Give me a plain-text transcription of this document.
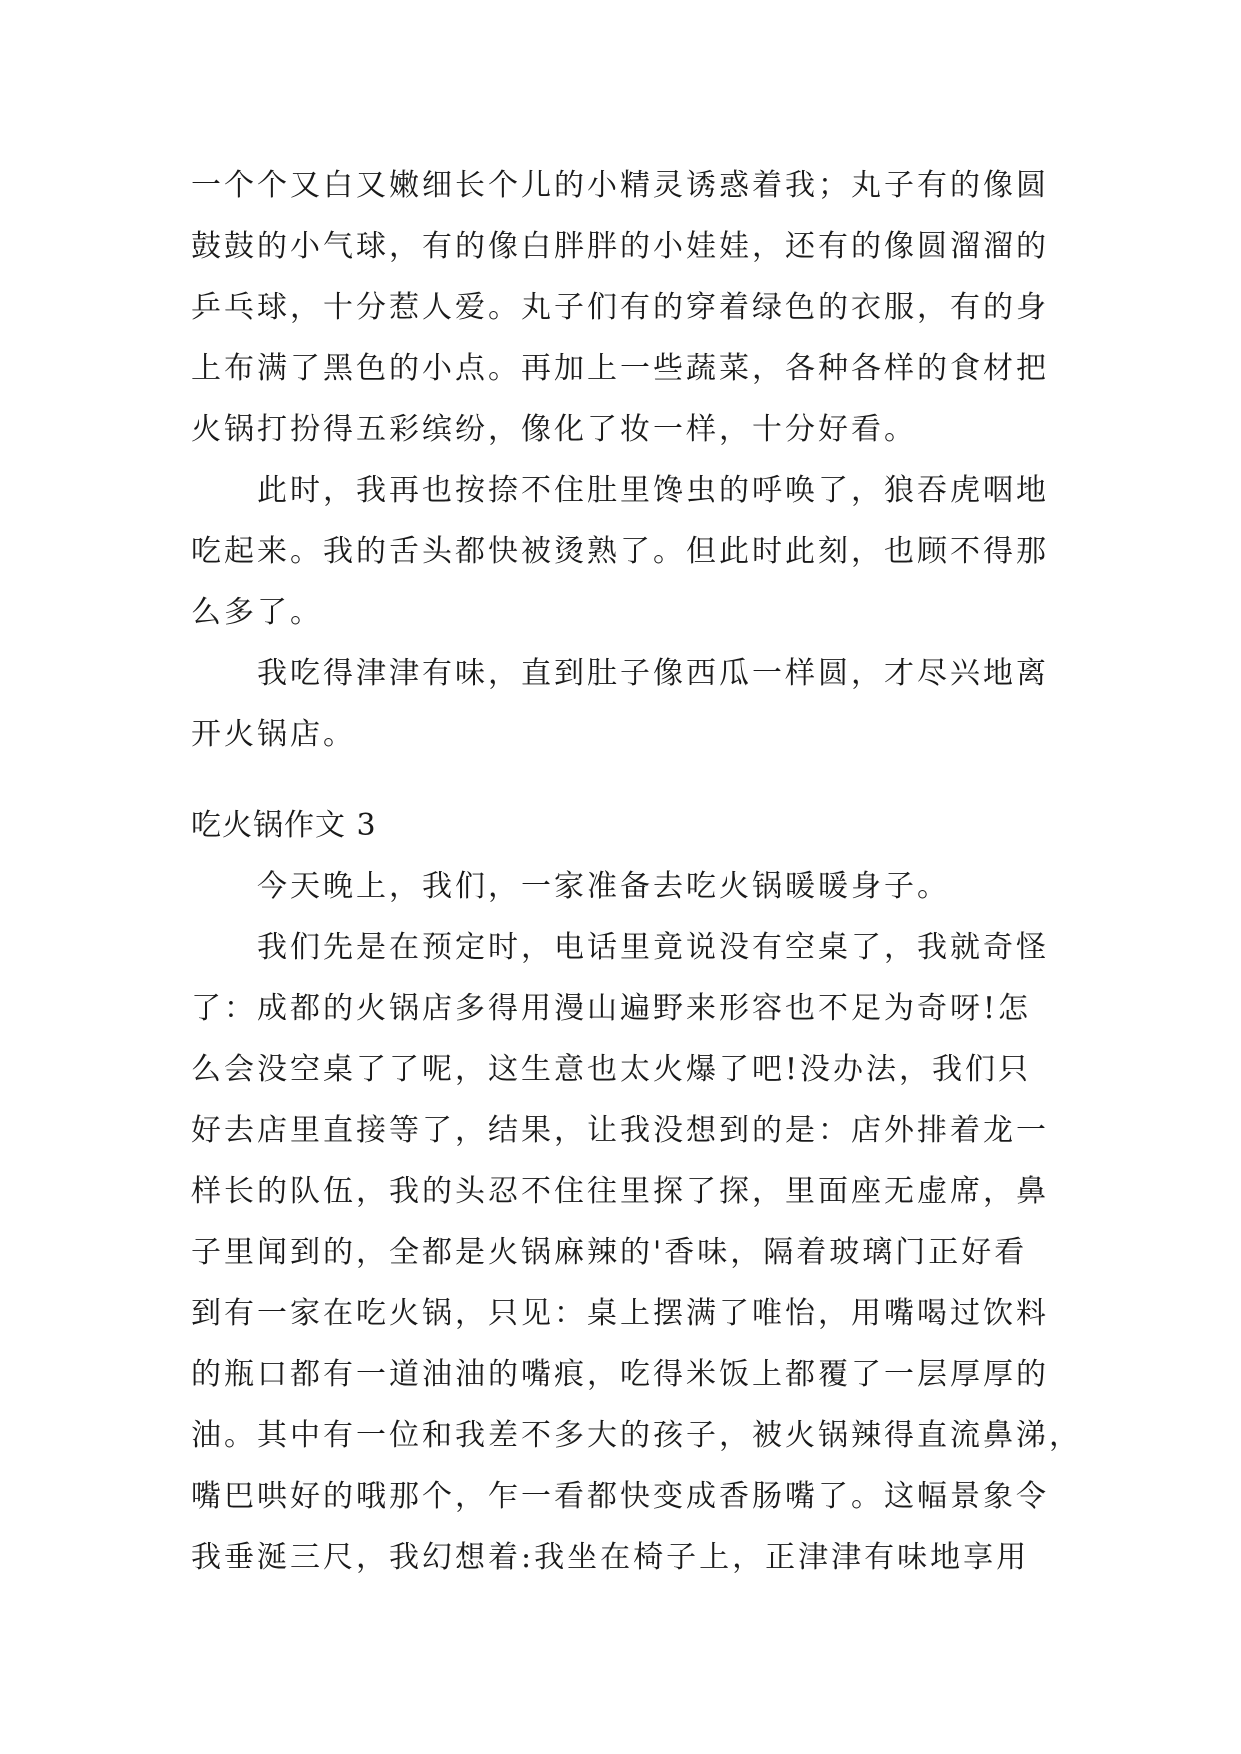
一个个又白又嫩细长个儿的小精灵诱惑着我；丸子有的像圆
鼓鼓的小气球，有的像白胖胖的小娃娃，还有的像圆溜溜的
乒乓球，十分惹人爱。丸子们有的穿着绿色的衣服，有的身
上布满了黑色的小点。再加上一些蔬菜，各种各样的食材把
火锅打扮得五彩缤纷，像化了妆一样，十分好看。

此时，我再也按捺不住肚里馋虫的呼唤了，狼吞虎咽地
吃起来。我的舌头都快被烫熟了。但此时此刻，也顾不得那
么多了。

我吃得津津有味，直到肚子像西瓜一样圆，才尽兴地离
开火锅店。

吃火锅作文 3

今天晚上，我们，一家准备去吃火锅暖暖身子。

我们先是在预定时，电话里竟说没有空桌了，我就奇怪
了：成都的火锅店多得用漫山遍野来形容也不足为奇呀!怎
么会没空桌了了呢，这生意也太火爆了吧!没办法，我们只
好去店里直接等了，结果，让我没想到的是：店外排着龙一
样长的队伍，我的头忍不住往里探了探，里面座无虚席，鼻
子里闻到的，全都是火锅麻辣的'香味，隔着玻璃门正好看
到有一家在吃火锅，只见：桌上摆满了唯怡，用嘴喝过饮料
的瓶口都有一道油油的嘴痕，吃得米饭上都覆了一层厚厚的
油。其中有一位和我差不多大的孩子，被火锅辣得直流鼻涕，
嘴巴哄好的哦那个，乍一看都快变成香肠嘴了。这幅景象令
我垂涎三尺，我幻想着:我坐在椅子上，正津津有味地享用
